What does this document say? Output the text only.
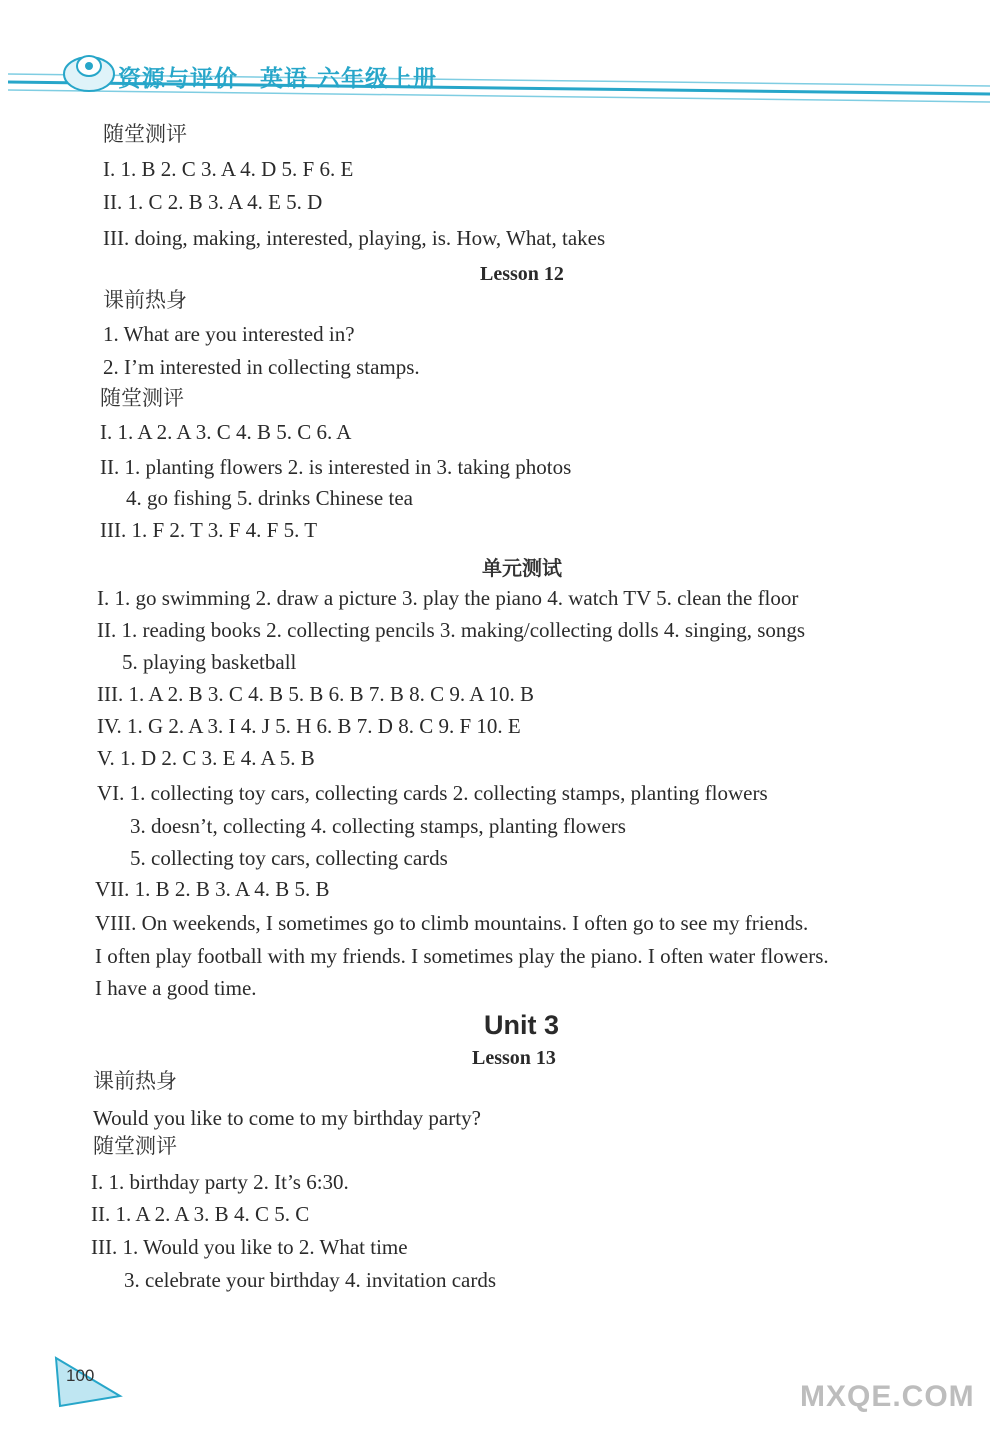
资源与评价 英语 六年级上册
随堂测评
I. 1. B 2. C 3. A 4. D 5. F 6. E
II. 1. C 2. B 3. A 4. E 5. D
III. doing, making, interested, playing, is. How, What, takes
Lesson 12
课前热身
1. What are you interested in?
2. I’m interested in collecting stamps.
随堂测评
I. 1. A 2. A 3. C 4. B 5. C 6. A
II. 1. planting flowers 2. is interested in 3. taking photos
4. go fishing 5. drinks Chinese tea
III. 1. F 2. T 3. F 4. F 5. T
单元测试
I. 1. go swimming 2. draw a picture 3. play the piano 4. watch TV 5. clean the floor
II. 1. reading books 2. collecting pencils 3. making/collecting dolls 4. singing, songs
5. playing basketball
III. 1. A 2. B 3. C 4. B 5. B 6. B 7. B 8. C 9. A 10. B
IV. 1. G 2. A 3. I 4. J 5. H 6. B 7. D 8. C 9. F 10. E
V. 1. D 2. C 3. E 4. A 5. B
VI. 1. collecting toy cars, collecting cards 2. collecting stamps, planting flowers
3. doesn’t, collecting 4. collecting stamps, planting flowers
5. collecting toy cars, collecting cards
VII. 1. B 2. B 3. A 4. B 5. B
VIII. On weekends, I sometimes go to climb mountains. I often go to see my friends.
I often play football with my friends. I sometimes play the piano. I often water flowers.
I have a good time.
Unit 3
Lesson 13
课前热身
Would you like to come to my birthday party?
随堂测评
I. 1. birthday party 2. It’s 6:30.
II. 1. A 2. A 3. B 4. C 5. C
III. 1. Would you like to 2. What time
3. celebrate your birthday 4. invitation cards
100
MXQE.COM
